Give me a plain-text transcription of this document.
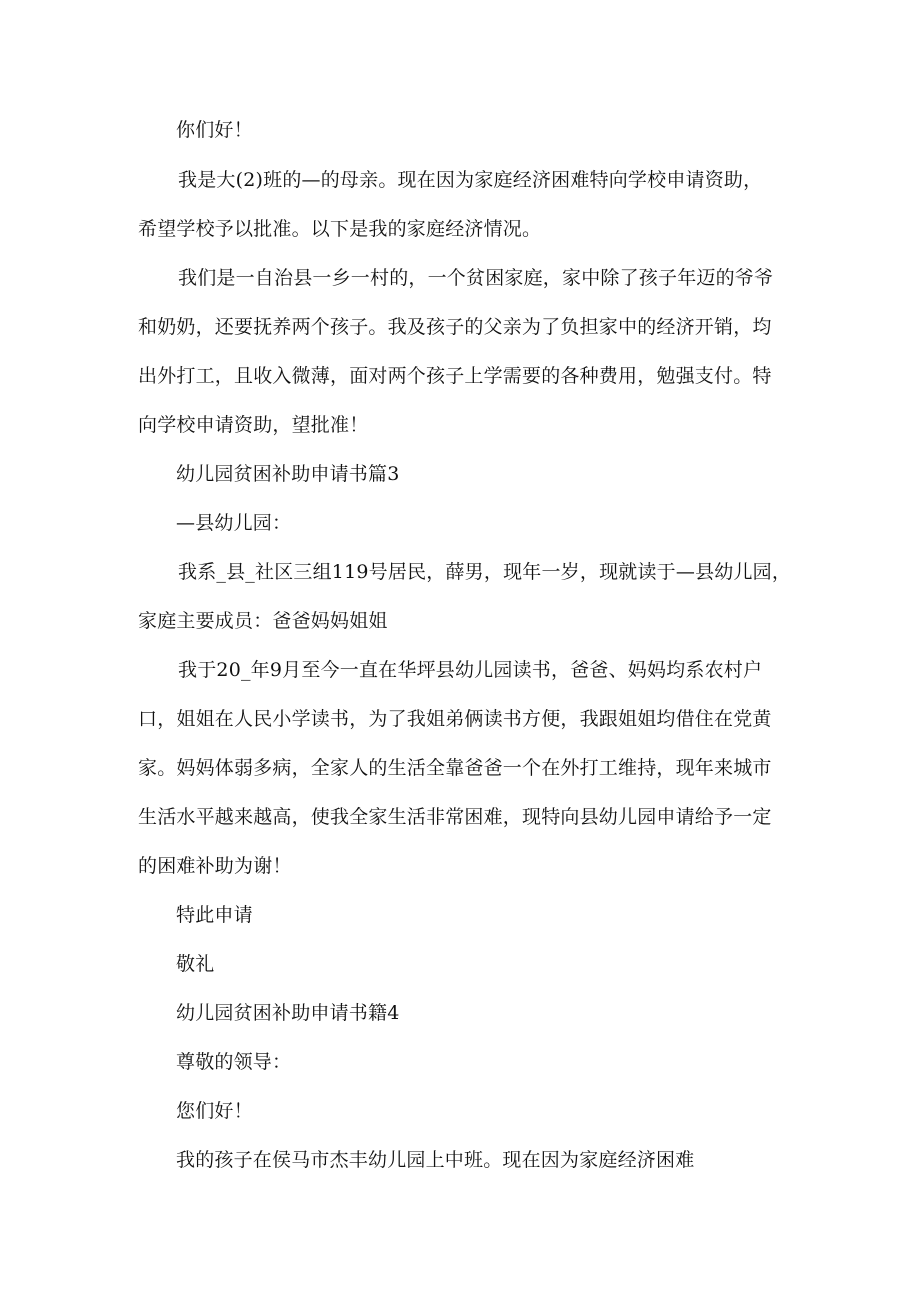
你们好！
我是大(2)班的—的母亲。现在因为家庭经济困难特向学校申请资助，
希望学校予以批准。以下是我的家庭经济情况。
我们是一自治县一乡一村的，一个贫困家庭，家中除了孩子年迈的爷爷
和奶奶，还要抚养两个孩子。我及孩子的父亲为了负担家中的经济开销，均
出外打工，且收入微薄，面对两个孩子上学需要的各种费用，勉强支付。特
向学校申请资助，望批准！
幼儿园贫困补助申请书篇3
—县幼儿园：
我系_县_社区三组119号居民，薛男，现年一岁，现就读于—县幼儿园，
家庭主要成员：爸爸妈妈姐姐
我于20_年9月至今一直在华坪县幼儿园读书，爸爸、妈妈均系农村户
口，姐姐在人民小学读书，为了我姐弟俩读书方便，我跟姐姐均借住在党黄
家。妈妈体弱多病，全家人的生活全靠爸爸一个在外打工维持，现年来城市
生活水平越来越高，使我全家生活非常困难，现特向县幼儿园申请给予一定
的困难补助为谢！
特此申请
敬礼
幼儿园贫困补助申请书籍4
尊敬的领导：
您们好！
我的孩子在侯马市杰丰幼儿园上中班。现在因为家庭经济困难
